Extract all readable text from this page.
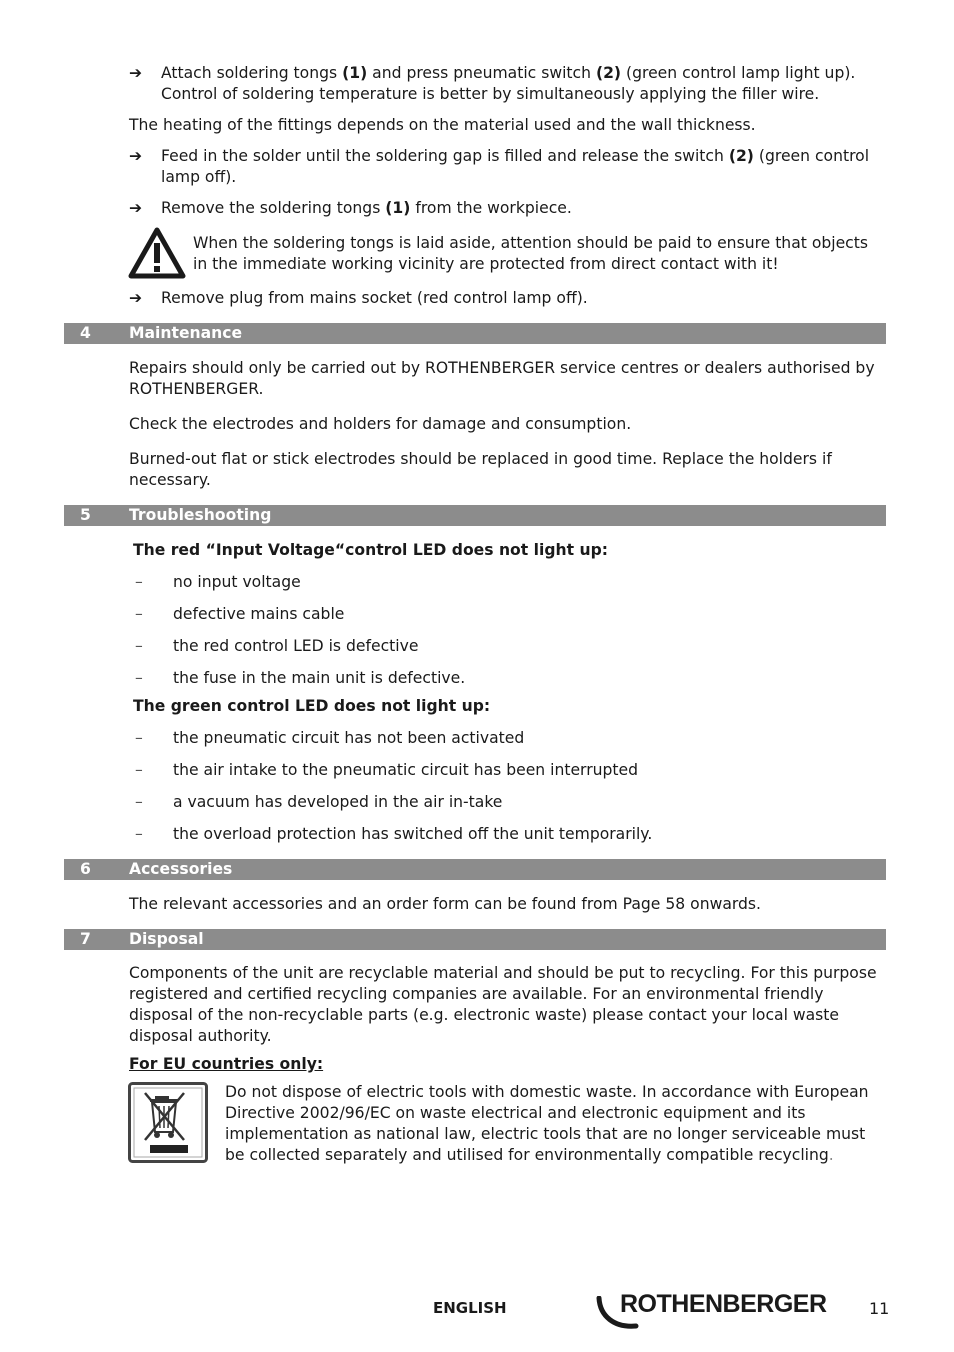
➔	Attach soldering tongs (1) and press pneumatic switch (2) (green control lamp light up). Control of soldering temperature is better by simultaneously applying the filler wire.

The heating of the fittings depends on the material used and the wall thickness.

➔	Feed in the solder until the soldering gap is filled and release the switch (2) (green control lamp off).
➔	Remove the soldering tongs (1) from the workpiece.

When the soldering tongs is laid aside, attention should be paid to ensure that objects in the immediate working vicinity are protected from direct contact with it!

➔	Remove plug from mains socket (red control lamp off).
4 Maintenance

Repairs should only be carried out by ROTHENBERGER service centres or dealers authorised by ROTHENBERGER.

Check the electrodes and holders for damage and consumption.

Burned-out flat or stick electrodes should be replaced in good time. Replace the holders if necessary.

5 Troubleshooting
The red “Input Voltage“control LED does not light up:
– no input voltage
– defective mains cable
– the red control LED is defective
– the fuse in the main unit is defective.
The green control LED does not light up:
– the pneumatic circuit has not been activated
– the air intake to the pneumatic circuit has been interrupted
– a vacuum has developed in the air in-take
– the overload protection has switched off the unit temporarily.
6 Accessories

The relevant accessories and an order form can be found from Page 58 onwards.

7 Disposal

Components of the unit are recyclable material and should be put to recycling. For this purpose registered and certified recycling companies are available. For an environmental friendly disposal of the non-recyclable parts (e.g. electronic waste) please contact your local waste disposal authority.

For EU countries only:

Do not dispose of electric tools with domestic waste. In accordance with European Directive 2002/96/EC on waste electrical and electronic equipment and its implementation as national law, electric tools that are no longer serviceable must be collected separately and utilised for environmentally compatible recycling.

ENGLISH	ROTHENBERGER	11
